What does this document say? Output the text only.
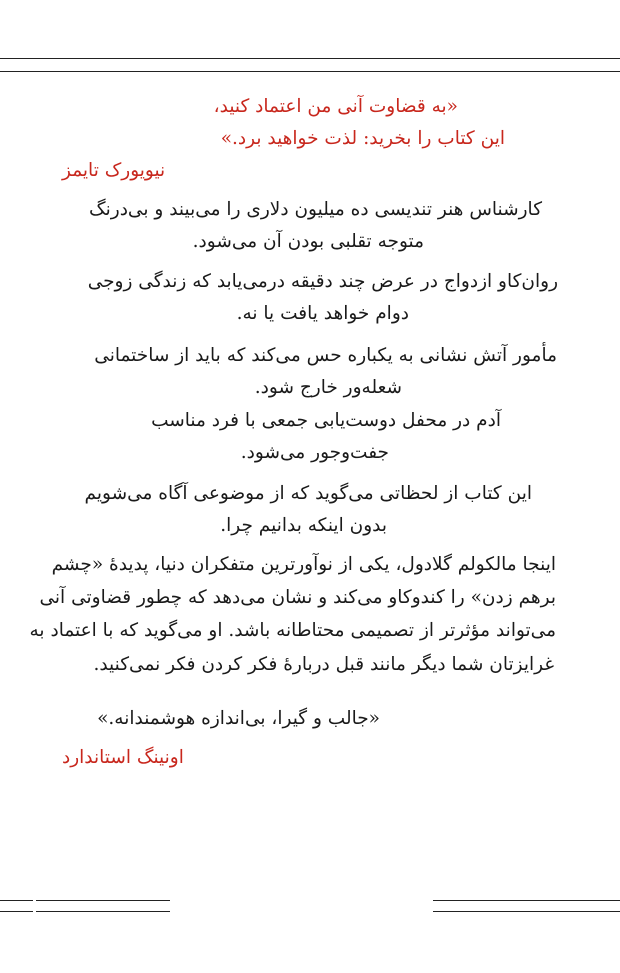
«به قضاوت آنی من اعتماد کنید،
این کتاب را بخرید: لذت خواهید برد.»
نیویورک تایمز
کارشناس هنر تندیسی ده میلیون دلاری را می‌بیند و بی‌درنگ
متوجه تقلبی بودن آن می‌شود.
روان‌کاو ازدواج در عرض چند دقیقه درمی‌یابد که زندگی زوجی
دوام خواهد یافت یا نه.
مأمور آتش نشانی به یکباره حس می‌کند که باید از ساختمانی
شعله‌ور خارج شود.
آدم در محفل دوست‌یابی جمعی با فرد مناسب
جفت‌وجور می‌شود.
این کتاب از لحظاتی می‌گوید که از موضوعی آگاه می‌شویم
بدون اینکه بدانیم چرا.
اینجا مالکولم گلادول، یکی از نوآورترین متفکران دنیا، پدیدهٔ «چشم
برهم زدن» را کندوکاو می‌کند و نشان می‌دهد که چطور قضاوتی آنی
می‌تواند مؤثرتر از تصمیمی محتاطانه باشد. او می‌گوید که با اعتماد به
غرایزتان شما دیگر مانند قبل دربارهٔ فکر کردن فکر نمی‌کنید.
«جالب و گیرا، بی‌اندازه هوشمندانه.»
اونینگ استاندارد
